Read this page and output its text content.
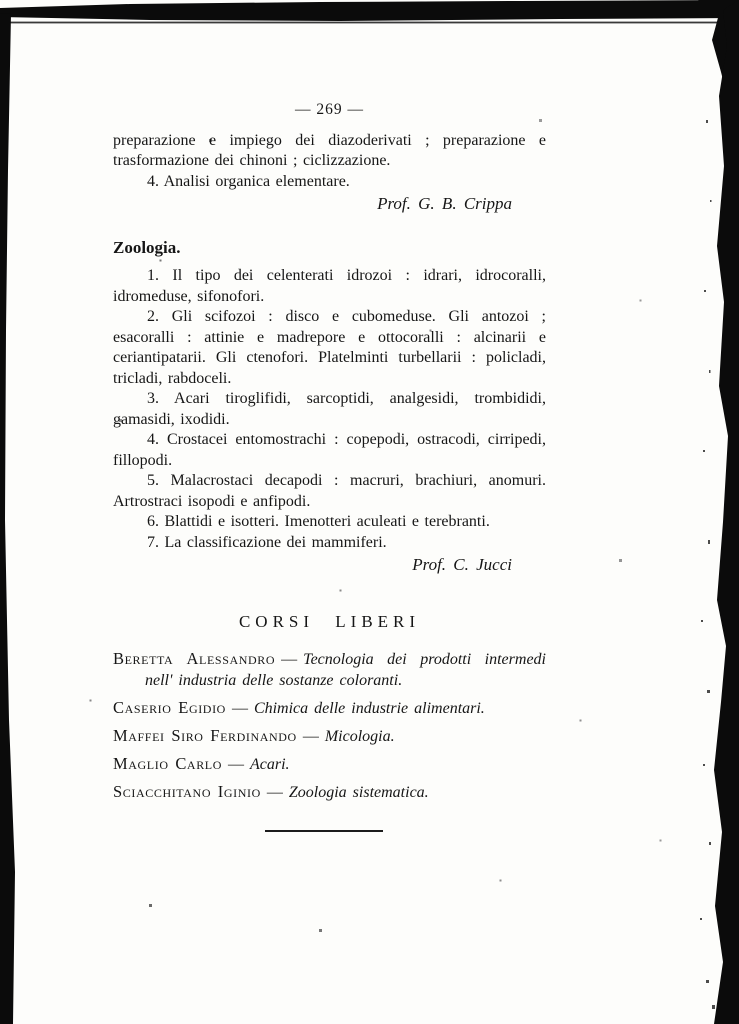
— 269 —

preparazione e impiego dei diazoderivati ; preparazione e trasformazione dei chinoni ; ciclizzazione.

4. Analisi organica elementare.

Prof. G. B. Crippa
Zoologia.

1. Il tipo dei celenterati idrozoi : idrari, idrocoralli, idromeduse, sifonofori.

2. Gli scifozoi : disco e cubomeduse. Gli antozoi ; esacoralli : attinie e madrepore e ottocoralli : alcinarii e ceriantipatarii. Gli ctenofori. Platelminti turbellarii : policladi, tricladi, rabdoceli.

3. Acari tiroglifidi, sarcoptidi, analgesidi, trombididi, gamasidi, ixodidi.

4. Crostacei entomostrachi : copepodi, ostracodi, cirripedi, fillopodi.

5. Malacrostaci decapodi : macruri, brachiuri, anomuri. Artrostraci isopodi e anfipodi.

6. Blattidi e isotteri. Imenotteri aculeati e terebranti.

7. La classificazione dei mammiferi.

Prof. C. Jucci
CORSI LIBERI

Beretta Alessandro — Tecnologia dei prodotti intermedi nell' industria delle sostanze coloranti.

Caserio Egidio — Chimica delle industrie alimentari.

Maffei Siro Ferdinando — Micologia.

Maglio Carlo — Acari.

Sciacchitano Iginio — Zoologia sistematica.
